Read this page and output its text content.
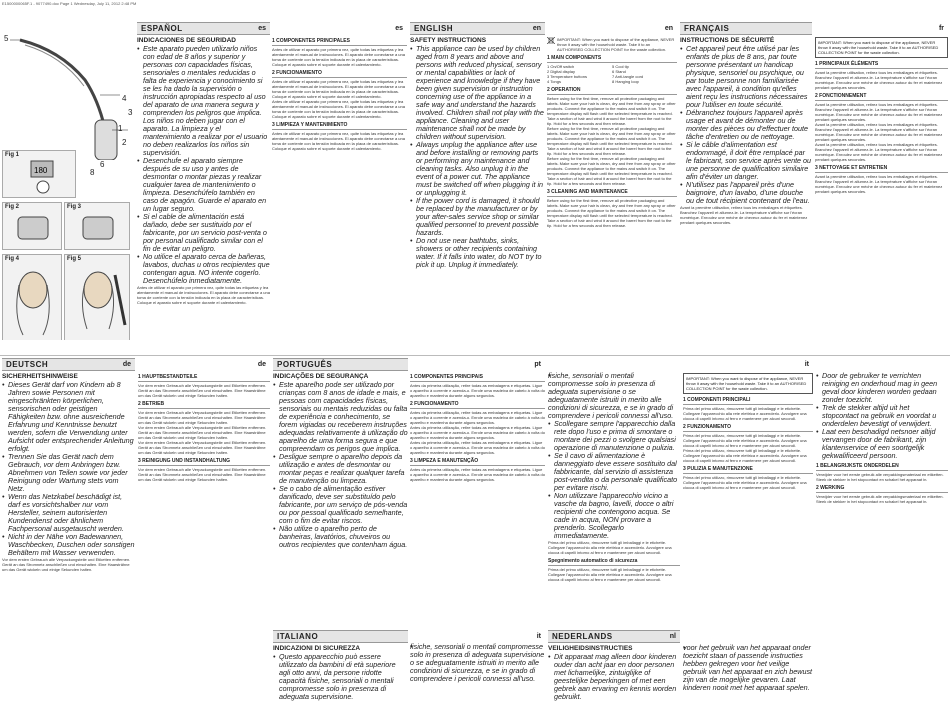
E1500000065F.1 - 9077490.doc Page 1 Wednesday, July 11, 2012 2:48 PM
5
4
3
1
2
6
8
Fig 1
180
Fig 2	Fig 3
Fig 4	Fig 5
ESPAÑOL	es
INDICACIONES DE SEGURIDAD
• Este aparato pueden utilizarlo niños con edad de 8 años y superior y personas con capacidades físicas, sensoriales o mentales reducidas o falta de experiencia y conocimiento si se les ha dado la supervisión o instrucción apropiadas respecto al uso del aparato de una manera segura y comprenden los peligros que implica. Los niños no deben jugar con el aparato. La limpieza y el mantenimiento a realizar por el usuario no deben realizarlos los niños sin supervisión.
• Desenchufe el aparato siempre después de su uso y antes de desmontar o montar piezas y realizar cualquier tarea de mantenimiento o limpieza. Desenchúfelo también en caso de apagón. Guarde el aparato en un lugar seguro.
• Si el cable de alimentación está dañado, debe ser sustituido por el fabricante, por un servicio post-venta o por personal cualificado similar con el fin de evitar un peligro.
• No utilice el aparato cerca de bañeras, lavabos, duchas u otros recipientes que contengan agua. NO intente cogerlo. Desenchúfelo inmediatamente.
Antes de utilizar el aparato por primera vez, quite todas las etiquetas y lea atentamente el manual de instrucciones. El aparato debe conectarse a una toma de corriente con la tensión indicada en la placa de características. Coloque el aparato sobre el soporte durante el calentamiento.
es
1 COMPONENTES PRINCIPALES
Antes de utilizar el aparato por primera vez, quite todas las etiquetas y lea atentamente el manual de instrucciones. El aparato debe conectarse a una toma de corriente con la tensión indicada en la placa de características. Coloque el aparato sobre el soporte durante el calentamiento.
2 FUNCIONAMIENTO
Antes de utilizar el aparato por primera vez, quite todas las etiquetas y lea atentamente el manual de instrucciones. El aparato debe conectarse a una toma de corriente con la tensión indicada en la placa de características. Coloque el aparato sobre el soporte durante el calentamiento.
Antes de utilizar el aparato por primera vez, quite todas las etiquetas y lea atentamente el manual de instrucciones. El aparato debe conectarse a una toma de corriente con la tensión indicada en la placa de características. Coloque el aparato sobre el soporte durante el calentamiento.
3 LIMPIEZA Y MANTENIMIENTO
Antes de utilizar el aparato por primera vez, quite todas las etiquetas y lea atentamente el manual de instrucciones. El aparato debe conectarse a una toma de corriente con la tensión indicada en la placa de características. Coloque el aparato sobre el soporte durante el calentamiento.
ENGLISH	en
SAFETY INSTRUCTIONS
• This appliance can be used by children aged from 8 years and above and persons with reduced physical, sensory or mental capabilities or lack of experience and knowledge if they have been given supervision or instruction concerning use of the appliance in a safe way and understand the hazards involved. Children shall not play with the appliance. Cleaning and user maintenance shall not be made by children without supervision.
• Always unplug the appliance after use and before installing or removing parts or performing any maintenance and cleaning tasks. Also unplug it in the event of a power cut. The appliance must be switched off when plugging it in or unplugging it.
• If the power cord is damaged, it should be replaced by the manufacturer or by your after-sales service shop or similar qualified personnel to prevent possible hazards.
• Do not use near bathtubs, sinks, showers or other recipients containing water. If it falls into water, do NOT try to pick it up. Unplug it immediately.
en
IMPORTANT: When you want to dispose of the appliance, NEVER throw it away with the household waste. Take it to an AUTHORISED COLLECTION POINT for the waste collection.
1 MAIN COMPONENTS
1 On/Off switch	5 Cool tip
2 Digital display	6 Stand
3 Temperature buttons	7 Anti-tangle cord
4 Tongs	8 Hanging loop
2 OPERATION
Before using for the first time, remove all protective packaging and labels. Make sure your hair is clean, dry and free from any spray or other products. Connect the appliance to the mains and switch it on. The temperature display will flash until the selected temperature is reached. Take a section of hair and wind it around the barrel from the root to the tip. Hold for a few seconds and then release.
Before using for the first time, remove all protective packaging and labels. Make sure your hair is clean, dry and free from any spray or other products. Connect the appliance to the mains and switch it on. The temperature display will flash until the selected temperature is reached. Take a section of hair and wind it around the barrel from the root to the tip. Hold for a few seconds and then release.
Before using for the first time, remove all protective packaging and labels. Make sure your hair is clean, dry and free from any spray or other products. Connect the appliance to the mains and switch it on. The temperature display will flash until the selected temperature is reached. Take a section of hair and wind it around the barrel from the root to the tip. Hold for a few seconds and then release.
3 CLEANING AND MAINTENANCE
Before using for the first time, remove all protective packaging and labels. Make sure your hair is clean, dry and free from any spray or other products. Connect the appliance to the mains and switch it on. The temperature display will flash until the selected temperature is reached. Take a section of hair and wind it around the barrel from the root to the tip. Hold for a few seconds and then release.
FRANÇAIS
INSTRUCTIONS DE SÉCURITÉ
• Cet appareil peut être utilisé par les enfants de plus de 8 ans, par toute personne présentant un handicap physique, sensoriel ou psychique, ou par toute personne non familiarisée avec l'appareil, à condition qu'elles aient reçu les instructions nécessaires pour l'utiliser en toute sécurité.
• Débranchez toujours l'appareil après usage et avant de démonter ou de monter des pièces ou d'effectuer toute tâche d'entretien ou de nettoyage.
• Si le câble d'alimentation est endommagé, il doit être remplacé par le fabricant, son service après vente ou une personne de qualification similaire afin d'éviter un danger.
• N'utilisez pas l'appareil près d'une baignoire, d'un lavabo, d'une douche ou de tout récipient contenant de l'eau.
Avant la première utilisation, retirez tous les emballages et étiquettes. Branchez l'appareil et allumez-le. La température s'affiche sur l'écran numérique. Enroulez une mèche de cheveux autour du fer et maintenez pendant quelques secondes.
fr
IMPORTANT: When you want to dispose of the appliance, NEVER throw it away with the household waste. Take it to an AUTHORISED COLLECTION POINT for the waste collection.
1 PRINCIPAUX ÉLÉMENTS
Avant la première utilisation, retirez tous les emballages et étiquettes. Branchez l'appareil et allumez-le. La température s'affiche sur l'écran numérique. Enroulez une mèche de cheveux autour du fer et maintenez pendant quelques secondes.
2 FONCTIONNEMENT
Avant la première utilisation, retirez tous les emballages et étiquettes. Branchez l'appareil et allumez-le. La température s'affiche sur l'écran numérique. Enroulez une mèche de cheveux autour du fer et maintenez pendant quelques secondes.
Avant la première utilisation, retirez tous les emballages et étiquettes. Branchez l'appareil et allumez-le. La température s'affiche sur l'écran numérique. Enroulez une mèche de cheveux autour du fer et maintenez pendant quelques secondes.
Avant la première utilisation, retirez tous les emballages et étiquettes. Branchez l'appareil et allumez-le. La température s'affiche sur l'écran numérique. Enroulez une mèche de cheveux autour du fer et maintenez pendant quelques secondes.
3 NETTOYAGE ET ENTRETIEN
Avant la première utilisation, retirez tous les emballages et étiquettes. Branchez l'appareil et allumez-le. La température s'affiche sur l'écran numérique. Enroulez une mèche de cheveux autour du fer et maintenez pendant quelques secondes.
DEUTSCH	de
SICHERHEITSHINWEISE
• Dieses Gerät darf von Kindern ab 8 Jahren sowie Personen mit eingeschränkten körperlichen, sensorischen oder geistigen Fähigkeiten bzw. ohne ausreichende Erfahrung und Kenntnisse benutzt werden, sofern die Verwendung unter Aufsicht oder entsprechender Anleitung erfolgt.
• Trennen Sie das Gerät nach dem Gebrauch, vor dem Anbringen bzw. Abnehmen von Teilen sowie vor jeder Reinigung oder Wartung stets vom Netz.
• Wenn das Netzkabel beschädigt ist, darf es vorsichtshalber nur vom Hersteller, seinem autorisierten Kundendienst oder ähnlichem Fachpersonal ausgetauscht werden.
• Nicht in der Nähe von Badewannen, Waschbecken, Duschen oder sonstigen Behältern mit Wasser verwenden.
Vor dem ersten Gebrauch alle Verpackungsteile und Etiketten entfernen. Gerät an das Stromnetz anschließen und einschalten. Eine Haarsträhne um das Gerät wickeln und einige Sekunden halten.
de
1 HAUPTBESTANDTEILE
Vor dem ersten Gebrauch alle Verpackungsteile und Etiketten entfernen. Gerät an das Stromnetz anschließen und einschalten. Eine Haarsträhne um das Gerät wickeln und einige Sekunden halten.
2 BETRIEB
Vor dem ersten Gebrauch alle Verpackungsteile und Etiketten entfernen. Gerät an das Stromnetz anschließen und einschalten. Eine Haarsträhne um das Gerät wickeln und einige Sekunden halten.
Vor dem ersten Gebrauch alle Verpackungsteile und Etiketten entfernen. Gerät an das Stromnetz anschließen und einschalten. Eine Haarsträhne um das Gerät wickeln und einige Sekunden halten.
Vor dem ersten Gebrauch alle Verpackungsteile und Etiketten entfernen. Gerät an das Stromnetz anschließen und einschalten. Eine Haarsträhne um das Gerät wickeln und einige Sekunden halten.
3 REINIGUNG UND INSTANDHALTUNG
Vor dem ersten Gebrauch alle Verpackungsteile und Etiketten entfernen. Gerät an das Stromnetz anschließen und einschalten. Eine Haarsträhne um das Gerät wickeln und einige Sekunden halten.
PORTUGUÊS
INDICAÇÕES DE SEGURANÇA
• Este aparelho pode ser utilizado por crianças com 8 anos de idade e mais, e pessoas com capacidades físicas, sensoriais ou mentais reduzidas ou falta de experiência e conhecimento, se forem vigiadas ou receberem instruções adequadas relativamente à utilização do aparelho de uma forma segura e que compreendam os perigos que implica.
• Desligue sempre o aparelho depois da utilização e antes de desmontar ou montar peças e realizar qualquer tarefa de manutenção ou limpeza.
• Se o cabo de alimentação estiver danificado, deve ser substituído pelo fabricante, por um serviço de pós-venda ou por pessoal qualificado semelhante, com o fim de evitar riscos.
• Não utilize o aparelho perto de banheiras, lavatórios, chuveiros ou outros recipientes que contenham água.
ITALIANO
INDICAZIONI DI SICUREZZA
• Questo apparecchio può essere utilizzato da bambini di età superiore agli otto anni, da persone ridotte capacità fisiche, sensoriali o mentali compromesse solo in presenza di adeguata supervisione.
pt
1 COMPONENTES PRINCIPAIS
Antes da primeira utilização, retire todas as embalagens e etiquetas. Ligue o aparelho à corrente e acenda-o. Enrole uma madeixa de cabelo à volta do aparelho e mantenha durante alguns segundos.
2 FUNCIONAMENTO
Antes da primeira utilização, retire todas as embalagens e etiquetas. Ligue o aparelho à corrente e acenda-o. Enrole uma madeixa de cabelo à volta do aparelho e mantenha durante alguns segundos.
Antes da primeira utilização, retire todas as embalagens e etiquetas. Ligue o aparelho à corrente e acenda-o. Enrole uma madeixa de cabelo à volta do aparelho e mantenha durante alguns segundos.
Antes da primeira utilização, retire todas as embalagens e etiquetas. Ligue o aparelho à corrente e acenda-o. Enrole uma madeixa de cabelo à volta do aparelho e mantenha durante alguns segundos.
3 LIMPEZA E MANUTENÇÃO
Antes da primeira utilização, retire todas as embalagens e etiquetas. Ligue o aparelho à corrente e acenda-o. Enrole uma madeixa de cabelo à volta do aparelho e mantenha durante alguns segundos.
it
• fisiche, sensoriali o mentali compromesse solo in presenza di adeguata supervisione o se adeguatamente istruiti in merito alle condizioni di sicurezza, e se in grado di comprendere i pericoli connessi all'uso.
• fisiche, sensoriali o mentali compromesse solo in presenza di adeguata supervisione o se adeguatamente istruiti in merito alle condizioni di sicurezza, e se in grado di comprendere i pericoli connessi all'uso.
• Scollegare sempre l'apparecchio dalla rete dopo l'uso e prima di smontare o montare dei pezzi o svolgere qualsiasi operazione di manutenzione o pulizia.
• Se il cavo di alimentazione è danneggiato deve essere sostituito dal fabbricante, dal servizio di assistenza post-vendita o da personale qualificato per evitare rischi.
• Non utilizzare l'apparecchio vicino a vasche da bagno, lavelli, docce o altri recipienti che contengono acqua. Se cade in acqua, NON provare a prenderlo. Scollegarlo immediatamente.
Prima del primo utilizzo, rimuovere tutti gli imballaggi e le etichette. Collegare l'apparecchio alla rete elettrica e accenderlo. Avvolgere una ciocca di capelli intorno al ferro e mantenere per alcuni secondi.
Spegnimento automatico di sicurezza
Prima del primo utilizzo, rimuovere tutti gli imballaggi e le etichette. Collegare l'apparecchio alla rete elettrica e accenderlo. Avvolgere una ciocca di capelli intorno al ferro e mantenere per alcuni secondi.
NEDERLANDS	nl
VEILIGHEIDSINSTRUCTIES
• Dit apparaat mag alleen door kinderen ouder dan acht jaar en door personen met lichamelijke, zintuiglijke of geestelijke beperkingen of met een gebrek aan ervaring en kennis worden gebruikt.
it
IMPORTANT: When you want to dispose of the appliance, NEVER throw it away with the household waste. Take it to an AUTHORISED COLLECTION POINT for the waste collection.
1 COMPONENTI PRINCIPALI
Prima del primo utilizzo, rimuovere tutti gli imballaggi e le etichette. Collegare l'apparecchio alla rete elettrica e accenderlo. Avvolgere una ciocca di capelli intorno al ferro e mantenere per alcuni secondi.
2 FUNZIONAMENTO
Prima del primo utilizzo, rimuovere tutti gli imballaggi e le etichette. Collegare l'apparecchio alla rete elettrica e accenderlo. Avvolgere una ciocca di capelli intorno al ferro e mantenere per alcuni secondi.
Prima del primo utilizzo, rimuovere tutti gli imballaggi e le etichette. Collegare l'apparecchio alla rete elettrica e accenderlo. Avvolgere una ciocca di capelli intorno al ferro e mantenere per alcuni secondi.
3 PULIZIA E MANUTENZIONE
Prima del primo utilizzo, rimuovere tutti gli imballaggi e le etichette. Collegare l'apparecchio alla rete elettrica e accenderlo. Avvolgere una ciocca di capelli intorno al ferro e mantenere per alcuni secondi.
• voor het gebruik van het apparaat onder toezicht staan of passende instructies hebben gekregen voor het veilige gebruik van het apparaat en zich bewust zijn van de mogelijke gevaren. Laat kinderen nooit met het apparaat spelen.
• Door de gebruiker te verrichten reiniging en onderhoud mag in geen geval door kinderen worden gedaan zonder toezicht.
• Trek de stekker altijd uit het stopcontact na gebruik en voordat u onderdelen bevestigt of verwijdert.
• Laat een beschadigd netsnoer altijd vervangen door de fabrikant, zijn klantenservice of een soortgelijk gekwalificeerd persoon.
1 BELANGRIJKSTE ONDERDELEN
Verwijder voor het eerste gebruik alle verpakkingsmateriaal en etiketten. Steek de stekker in het stopcontact en schakel het apparaat in.
2 WERKING
Verwijder voor het eerste gebruik alle verpakkingsmateriaal en etiketten. Steek de stekker in het stopcontact en schakel het apparaat in.
